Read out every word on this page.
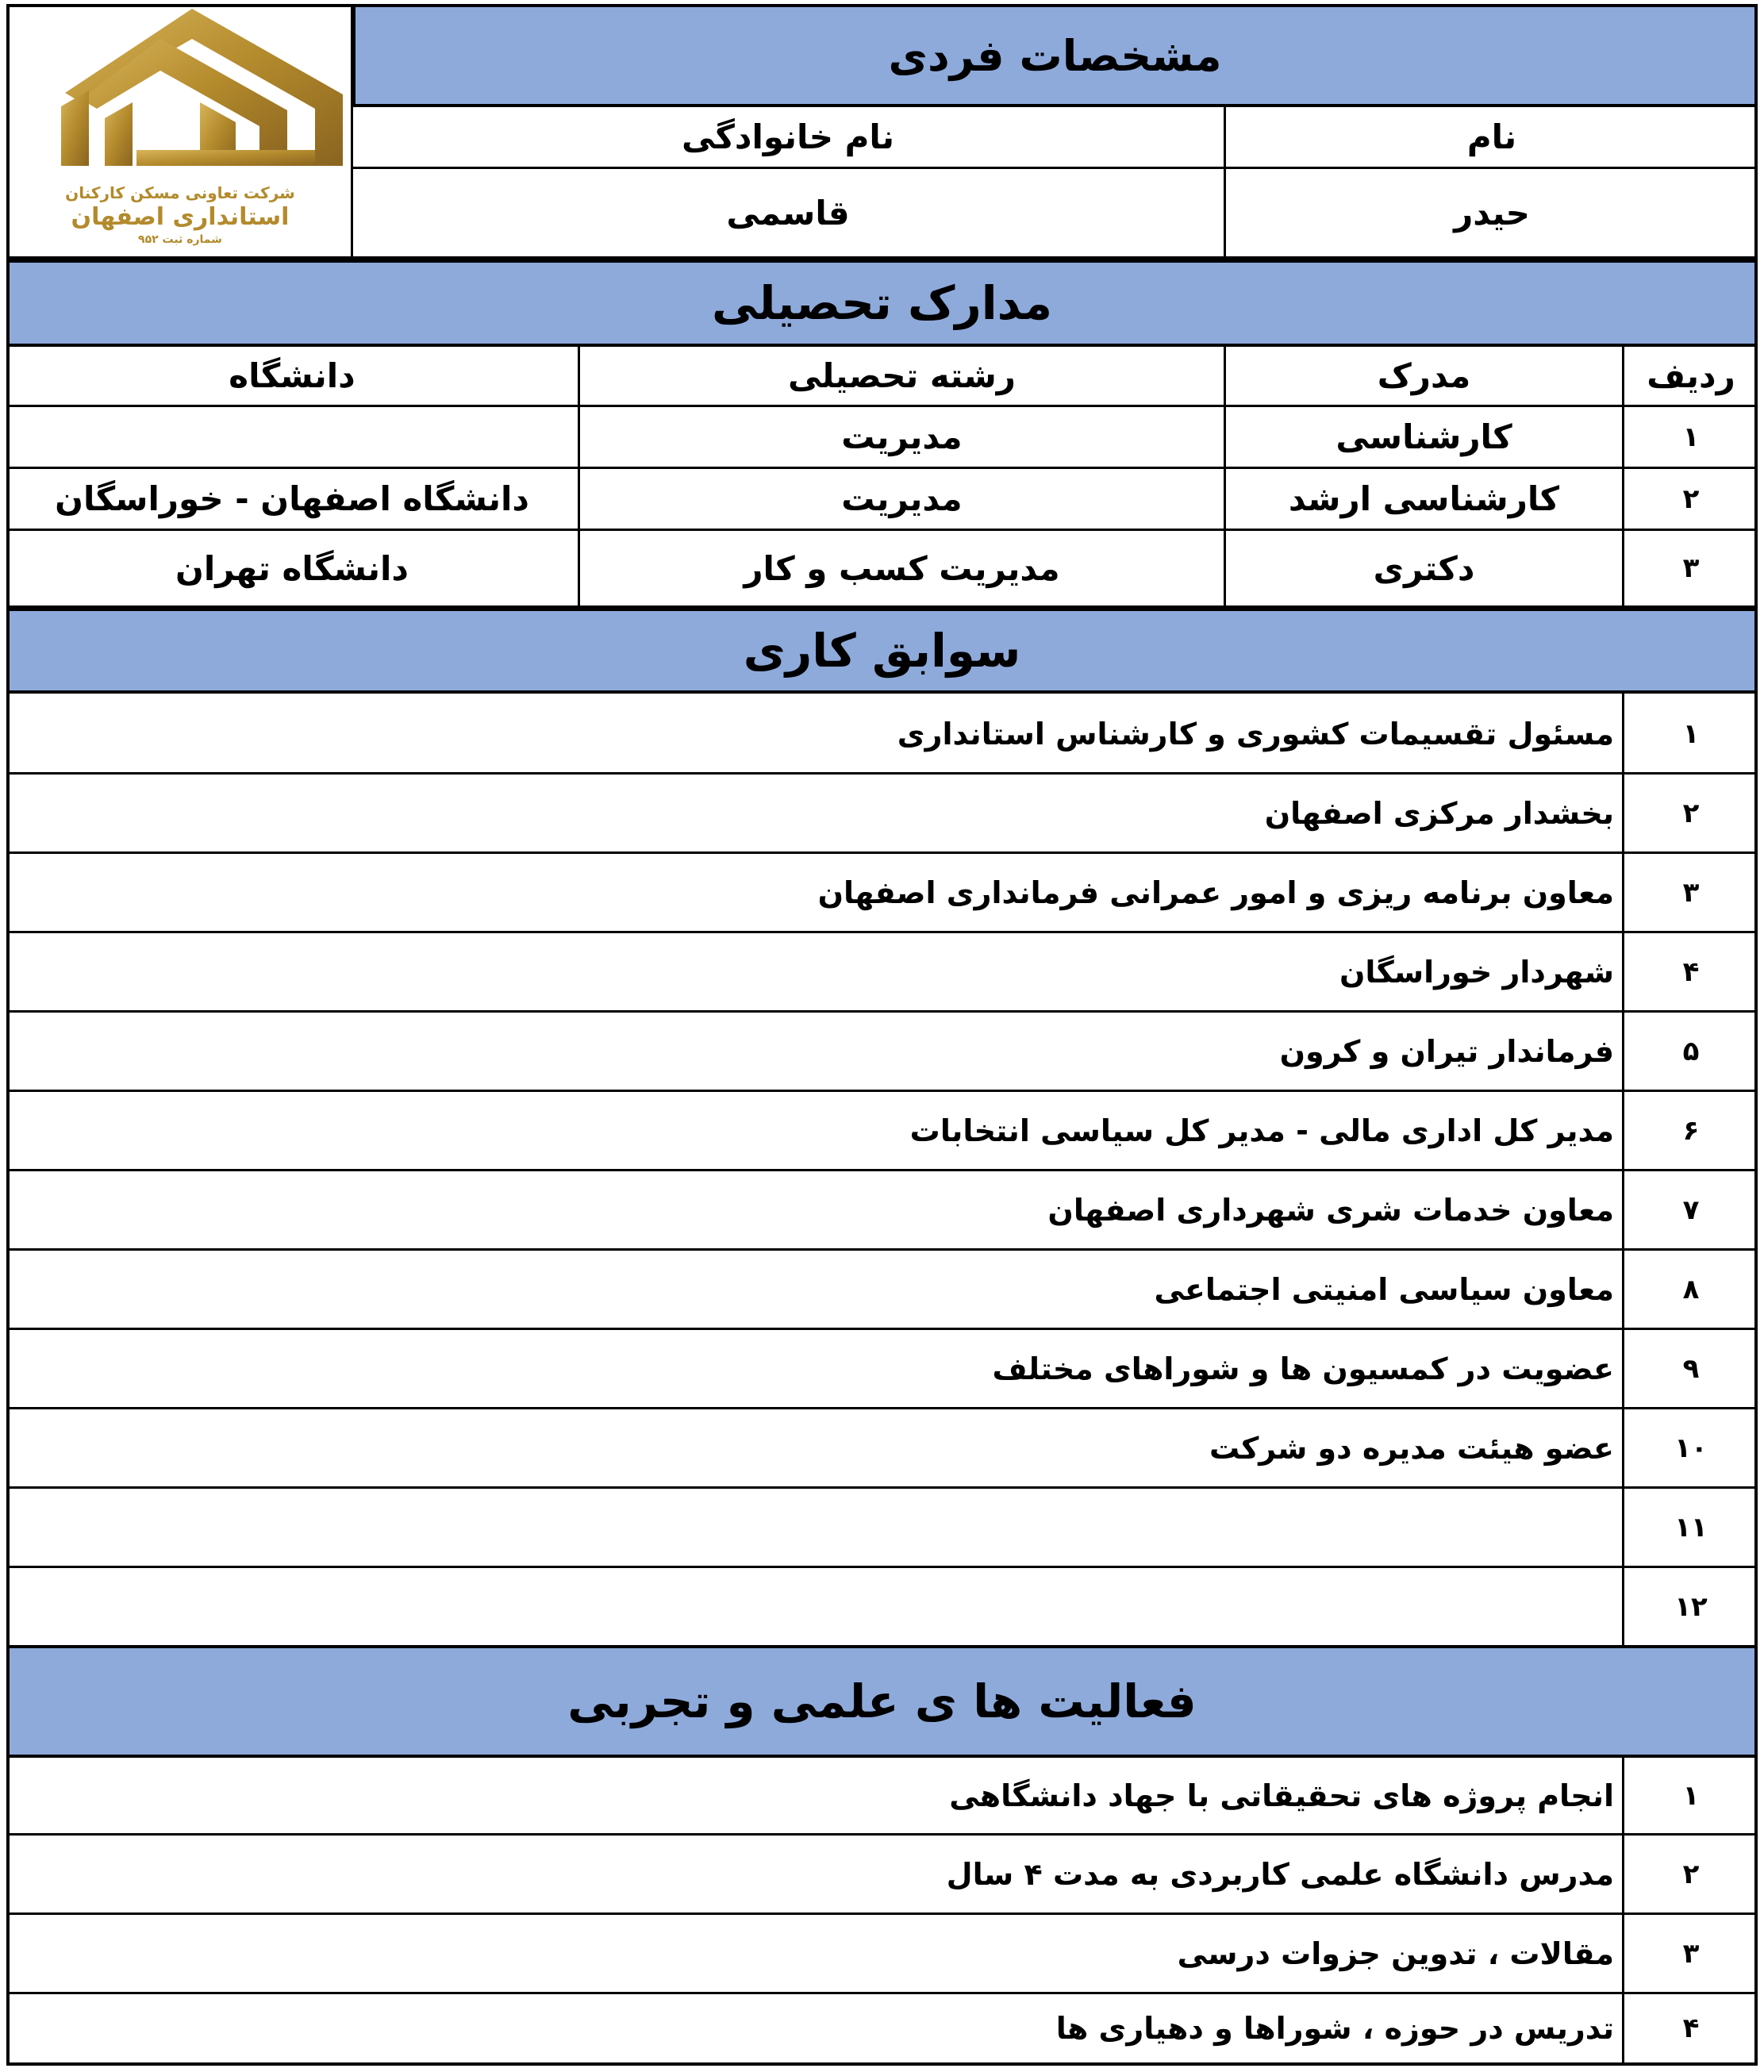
شرکت تعاونی مسکن کارکنان
استانداری اصفهان
شماره ثبت ۹۵۲
مشخصات فردی
نام
نام خانوادگی
حیدر
قاسمی
مدارک تحصیلی
ردیف
مدرک
رشته تحصیلی
دانشگاه
۱
کارشناسی
مدیریت
۲
کارشناسی ارشد
مدیریت
دانشگاه اصفهان - خوراسگان
۳
دکتری
مدیریت کسب و کار
دانشگاه تهران
سوابق کاری
۱
مسئول تقسیمات کشوری و کارشناس استانداری
۲
بخشدار مرکزی اصفهان
۳
معاون برنامه ریزی و امور عمرانی فرمانداری اصفهان
۴
شهردار خوراسگان
۵
فرماندار تیران و کرون
۶
مدیر کل اداری مالی - مدیر کل سیاسی انتخابات
۷
معاون خدمات شری شهرداری اصفهان
۸
معاون سیاسی امنیتی اجتماعی
۹
عضویت در کمسیون ها و شوراهای مختلف
۱۰
عضو هیئت مدیره دو شرکت
۱۱
۱۲
فعالیت ها ی علمی و تجربی
۱
انجام پروژه های تحقیقاتی با جهاد دانشگاهی
۲
مدرس دانشگاه علمی کاربردی به مدت ۴ سال
۳
مقالات ، تدوین جزوات درسی
۴
تدریس در حوزه ، شوراها و دهیاری ها
